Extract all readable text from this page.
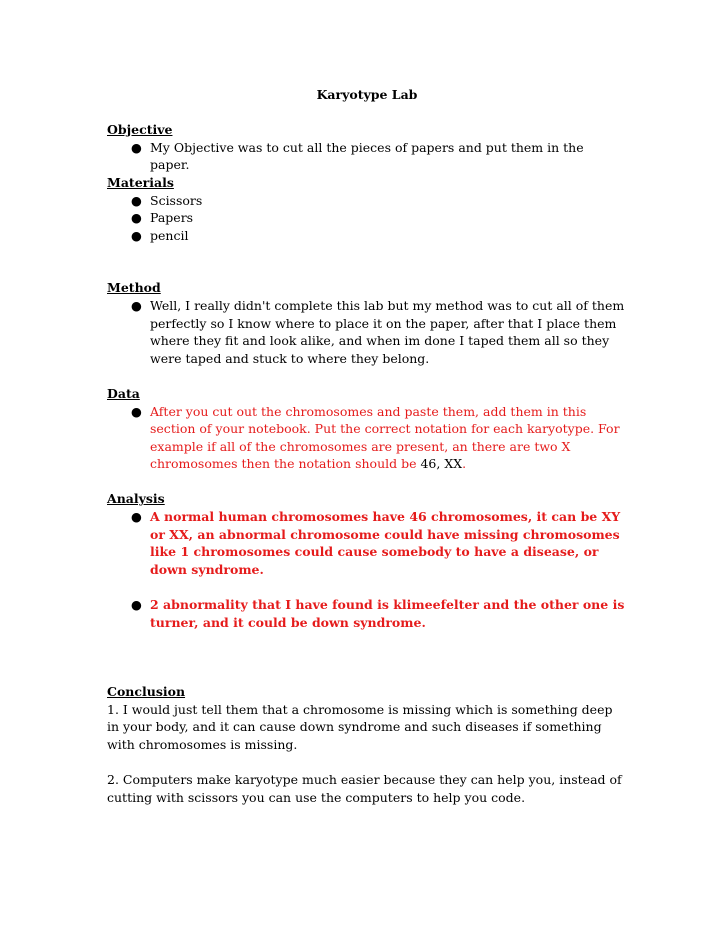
Karyotype Lab
Objective
● My Objective was to cut all the pieces of papers and put them in the paper.
Materials
● Scissors
● Papers
● pencil
Method
● Well, I really didn't complete this lab but my method was to cut all of them perfectly so I know where to place it on the paper, after that I place them where they fit and look alike, and when im done I taped them all so they were taped and stuck to where they belong.
Data
● After you cut out the chromosomes and paste them, add them in this section of your notebook. Put the correct notation for each karyotype. For example if all of the chromosomes are present, an there are two X chromosomes then the notation should be 46, XX.
Analysis
● A normal human chromosomes have 46 chromosomes, it can be XY or XX, an abnormal chromosome could have missing chromosomes like 1 chromosomes could cause somebody to have a disease, or down syndrome.
● 2 abnormality that I have found is klimeefelter and the other one is turner, and it could be down syndrome.
Conclusion

1. I would just tell them that a chromosome is missing which is something deep in your body, and it can cause down syndrome and such diseases if something with chromosomes is missing.

2. Computers make karyotype much easier because they can help you, instead of cutting with scissors you can use the computers to help you code.
